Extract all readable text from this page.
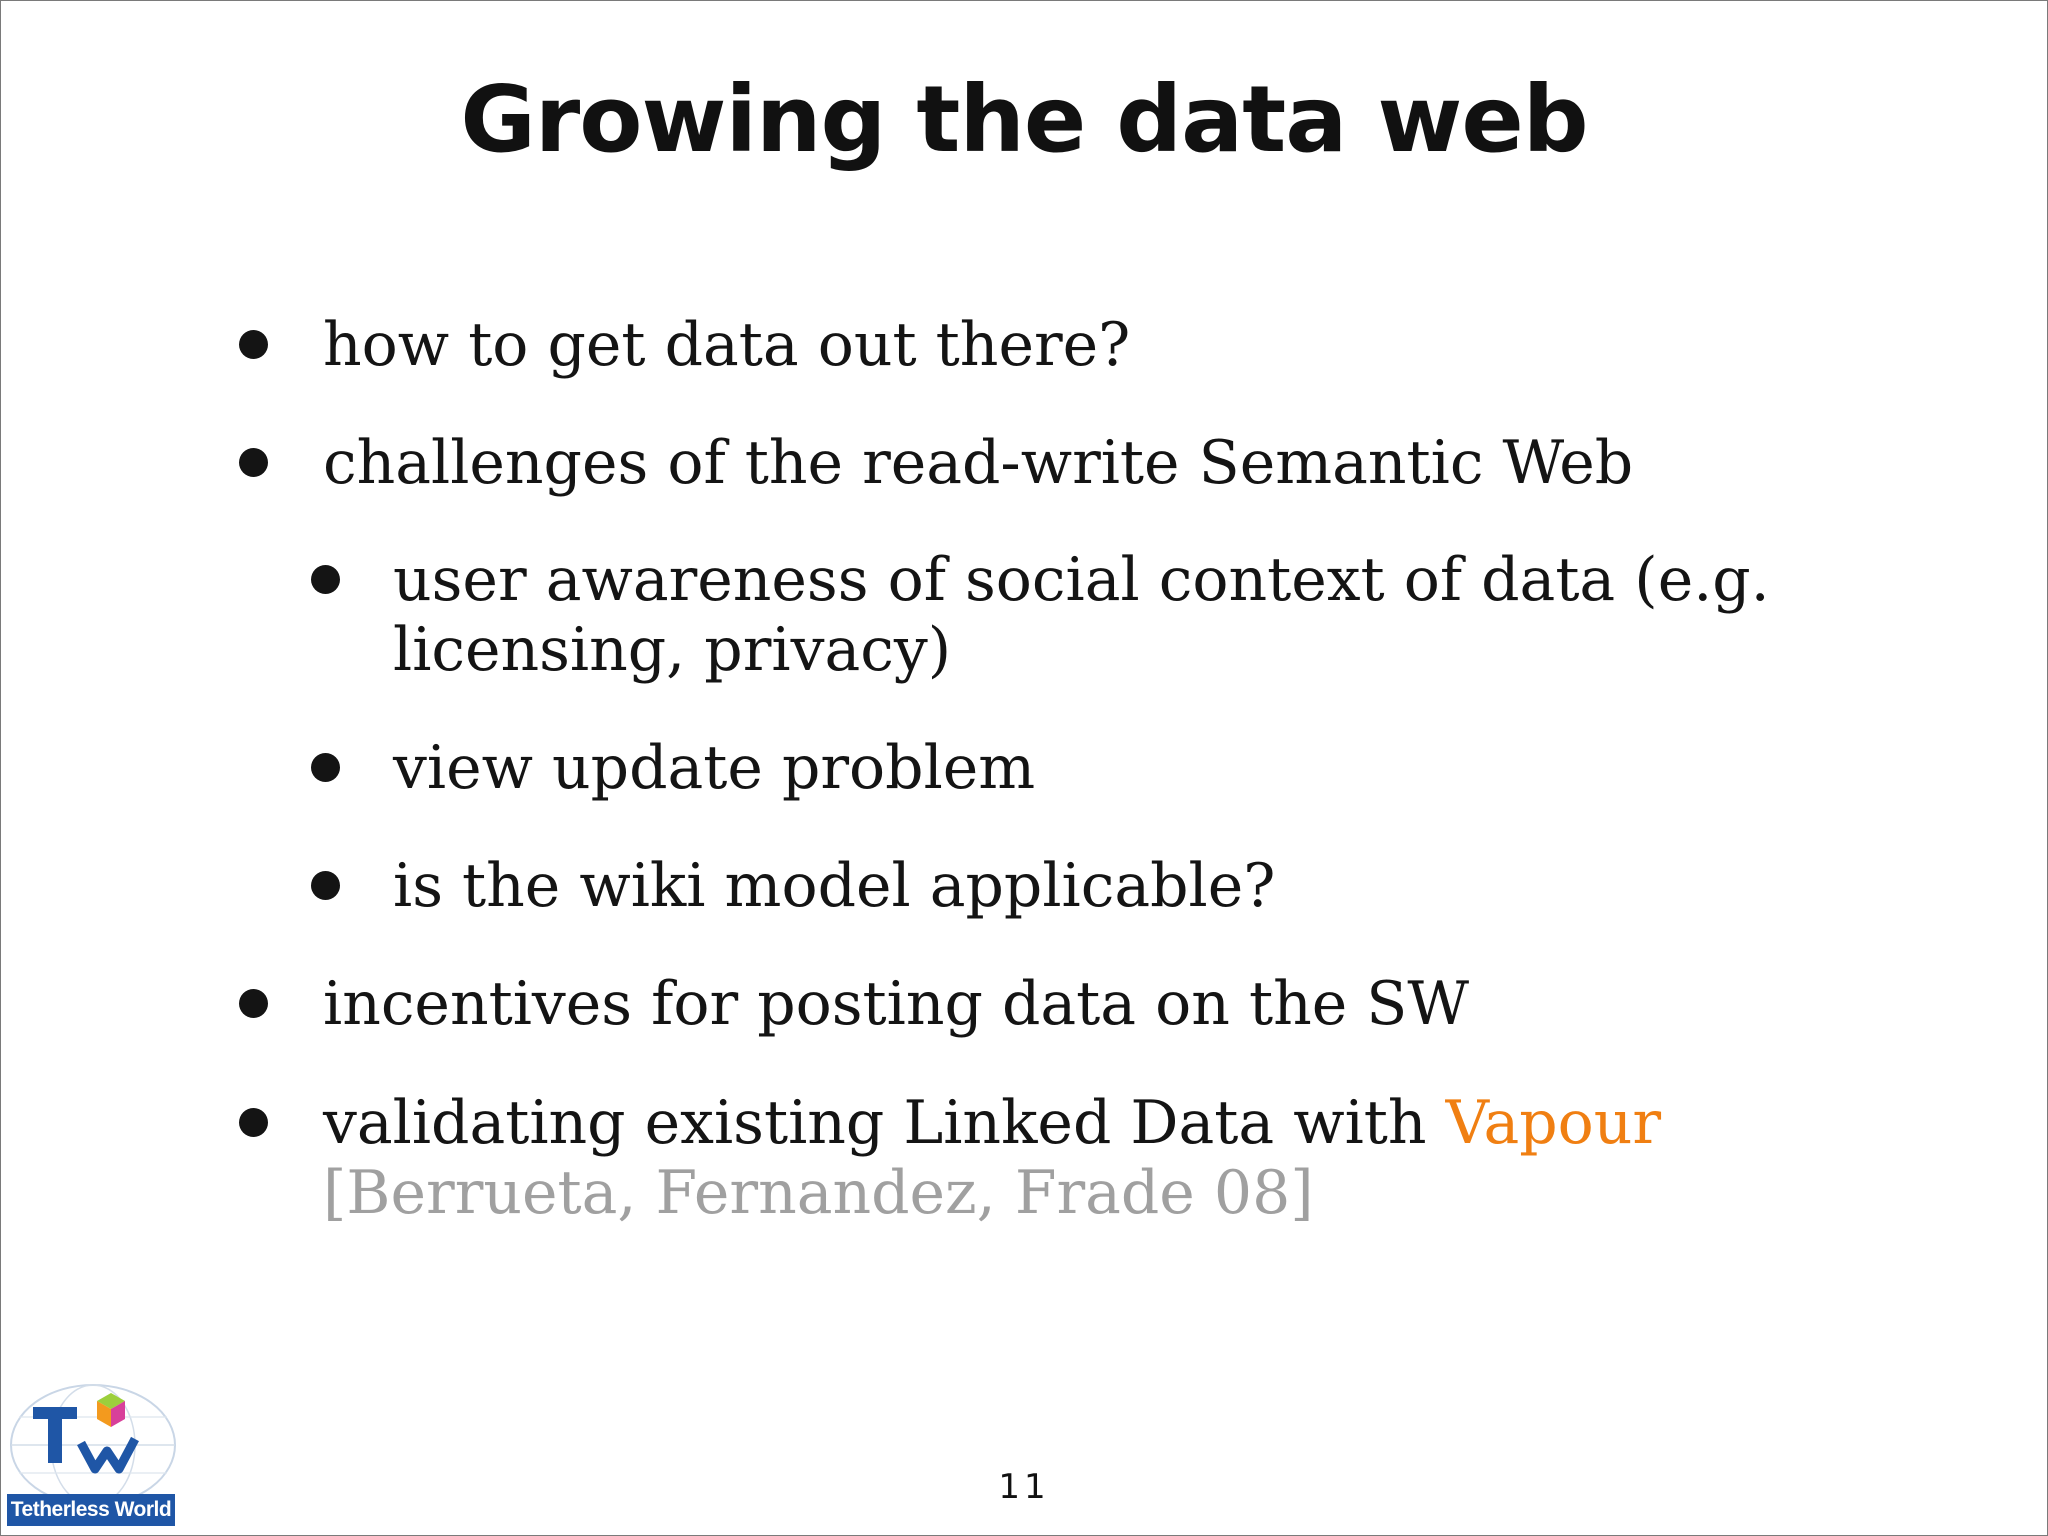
Growing the data web
how to get data out there?
challenges of the read-write Semantic Web
user awareness of social context of data (e.g.
licensing, privacy)
view update problem
is the wiki model applicable?
incentives for posting data on the SW
validating existing Linked Data with Vapour
[Berrueta, Fernandez, Frade 08]
Tetherless World
11
